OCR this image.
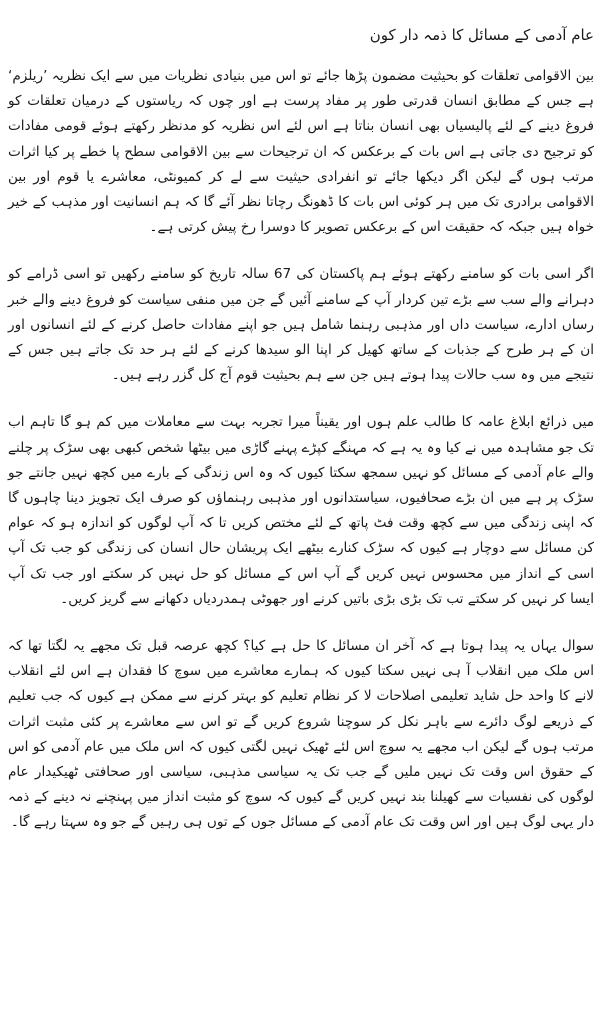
عام آدمی کے مسائل کا ذمہ دار کون

بین الاقوامی تعلقات کو بحیثیت مضمون پڑھا جائے تو اس میں بنیادی نظریات میں سے ایک نظریہ ’ریلزم‘ ہے جس کے مطابق انسان قدرتی طور پر مفاد پرست ہے اور چوں کہ ریاستوں کے درمیان تعلقات کو فروغ دینے کے لئے پالیسیاں بھی انسان بناتا ہے اس لئے اس نظریہ کو مدنظر رکھتے ہوئے قومی مفادات کو ترجیح دی جاتی ہے اس بات کے برعکس کہ ان ترجیحات سے بین الاقوامی سطح پا خطے پر کیا اثرات مرتب ہوں گے لیکن اگر دیکھا جائے تو انفرادی حیثیت سے لے کر کمیونٹی، معاشرے یا قوم اور بین الاقوامی برادری تک میں ہر کوئی اس بات کا ڈھونگ رچاتا نظر آئے گا کہ ہم انسانیت اور مذہب کے خیر خواہ ہیں جبکہ کہ حقیقت اس کے برعکس تصویر کا دوسرا رخ پیش کرتی ہے۔

اگر اسی بات کو سامنے رکھتے ہوئے ہم پاکستان کی 67 سالہ تاریخ کو سامنے رکھیں تو اسی ڈرامے کو دہرانے والے سب سے بڑے تین کردار آپ کے سامنے آئیں گے جن میں منفی سیاست کو فروغ دینے والے خبر رساں ادارے، سیاست داں اور مذہبی رہنما شامل ہیں جو اپنے مفادات حاصل کرنے کے لئے انسانوں اور ان کے ہر طرح کے جذبات کے ساتھ کھیل کر اپنا الو سیدھا کرنے کے لئے ہر حد تک جاتے ہیں جس کے نتیجے میں وہ سب حالات پیدا ہوتے ہیں جن سے ہم بحیثیت قوم آج کل گزر رہے ہیں۔

میں ذرائع ابلاغ عامہ کا طالب علم ہوں اور یقیناً میرا تجربہ بہت سے معاملات میں کم ہو گا تاہم اب تک جو مشاہدہ میں نے کیا وہ یہ ہے کہ مہنگے کپڑے پہنے گاڑی میں بیٹھا شخص کبھی بھی سڑک پر چلنے والے عام آدمی کے مسائل کو نہیں سمجھ سکتا کیوں کہ وہ اس زندگی کے بارے میں کچھ نہیں جانتے جو سڑک پر ہے میں ان بڑے صحافیوں، سیاستدانوں اور مذہبی رہنماؤں کو صرف ایک تجویز دینا چاہوں گا کہ اپنی زندگی میں سے کچھ وقت فٹ پاتھ کے لئے مختص کریں تا کہ آپ لوگوں کو اندازہ ہو کہ عوام کن مسائل سے دوچار ہے کیوں کہ سڑک کنارے بیٹھے ایک پریشان حال انسان کی زندگی کو جب تک آپ اسی کے انداز میں محسوس نہیں کریں گے آپ اس کے مسائل کو حل نہیں کر سکتے اور جب تک آپ ایسا کر نہیں کر سکتے تب تک بڑی بڑی باتیں کرنے اور جھوٹی ہمدردیاں دکھانے سے گریز کریں۔

سوال یہاں یہ پیدا ہوتا ہے کہ آخر ان مسائل کا حل ہے کیا؟ کچھ عرصہ قبل تک مجھے یہ لگتا تھا کہ اس ملک میں انقلاب آ ہی نہیں سکتا کیوں کہ ہمارے معاشرے میں سوچ کا فقدان ہے اس لئے انقلاب لانے کا واحد حل شاید تعلیمی اصلاحات لا کر نظام تعلیم کو بہتر کرنے سے ممکن ہے کیوں کہ جب تعلیم کے ذریعے لوگ دائرے سے باہر نکل کر سوچنا شروع کریں گے تو اس سے معاشرے پر کئی مثبت اثرات مرتب ہوں گے لیکن اب مجھے یہ سوچ اس لئے ٹھیک نہیں لگتی کیوں کہ اس ملک میں عام آدمی کو اس کے حقوق اس وقت تک نہیں ملیں گے جب تک یہ سیاسی مذہبی، سیاسی اور صحافتی ٹھیکیدار عام لوگوں کی نفسیات سے کھیلنا بند نہیں کریں گے کیوں کہ سوچ کو مثبت انداز میں پہنچنے نہ دینے کے ذمہ دار یہی لوگ ہیں اور اس وقت تک عام آدمی کے مسائل جوں کے توں ہی رہیں گے جو وہ سہتا رہے گا۔
